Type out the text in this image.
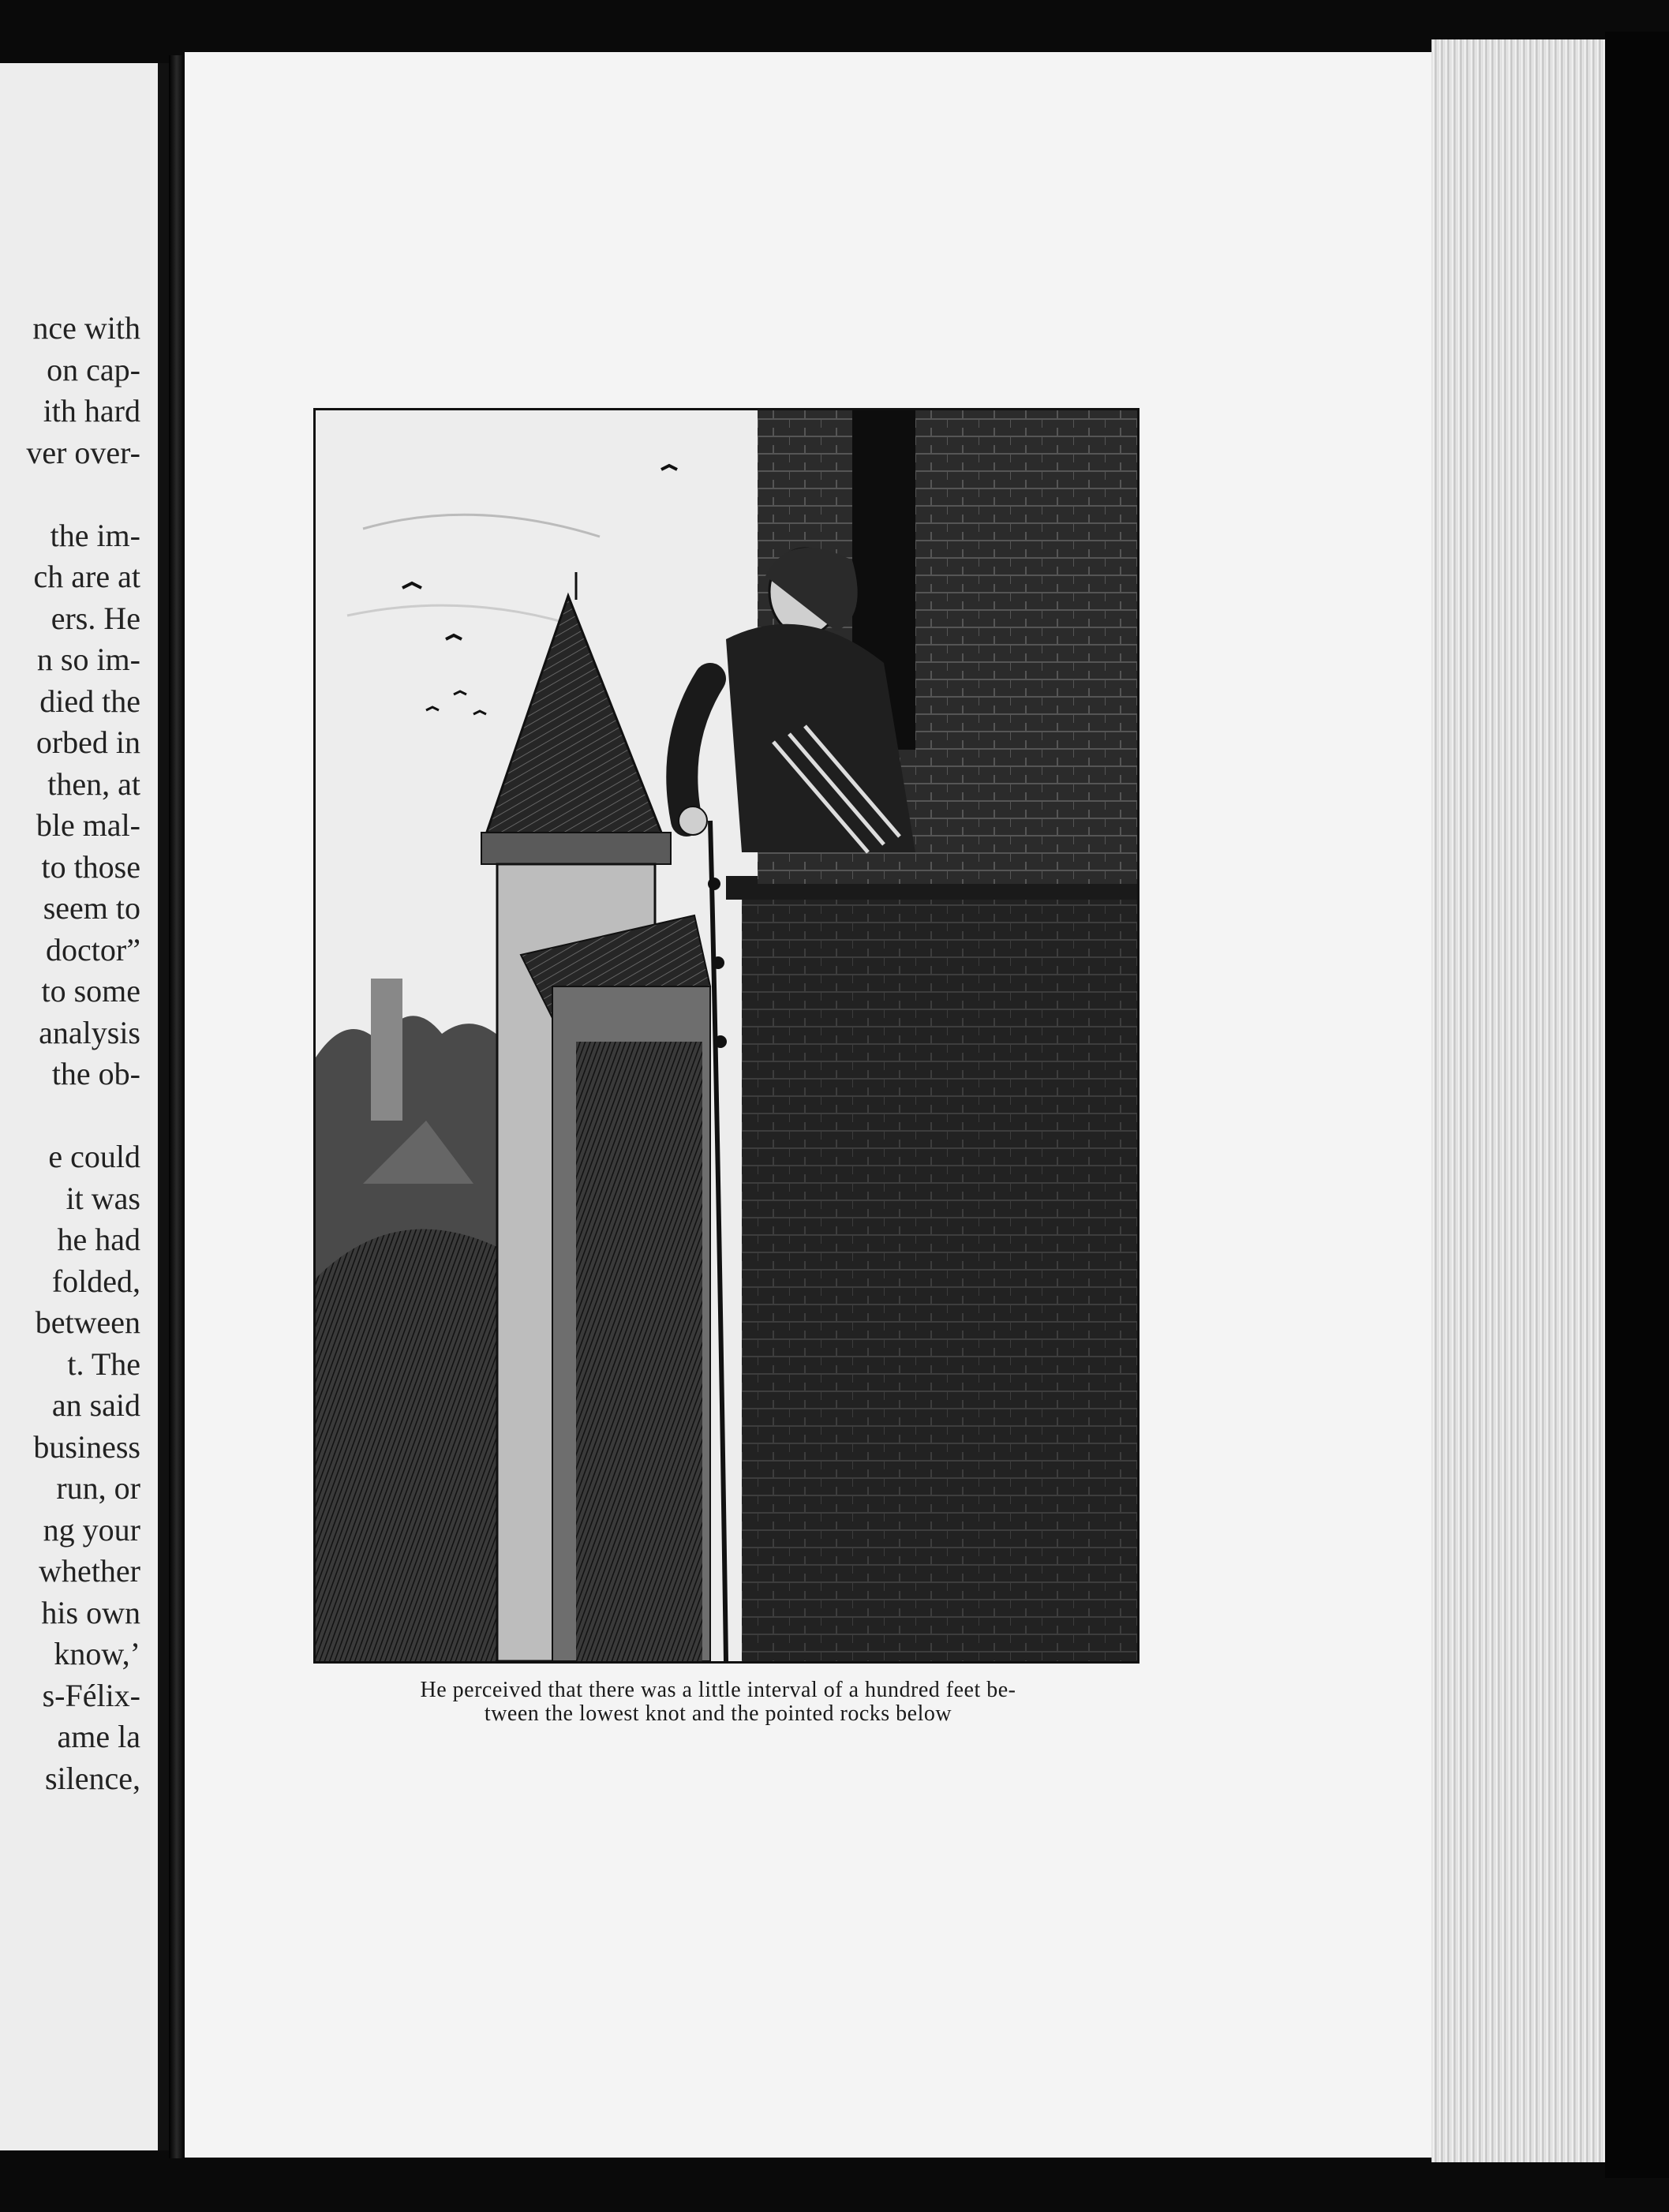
nce with
on cap-
ith hard
ver over-
the im-
ch are at
ers. He
n so im-
died the
orbed in
then, at
ble mal-
to those
seem to
doctor”
to some
analysis
the ob-
e could
it was
he had
folded,
between
t. The
an said
business
run, or
ng your
whether
his own
know,’
s-Félix-
ame la
silence,
He perceived that there was a little interval of a hundred feet be-
tween the lowest knot and the pointed rocks below
